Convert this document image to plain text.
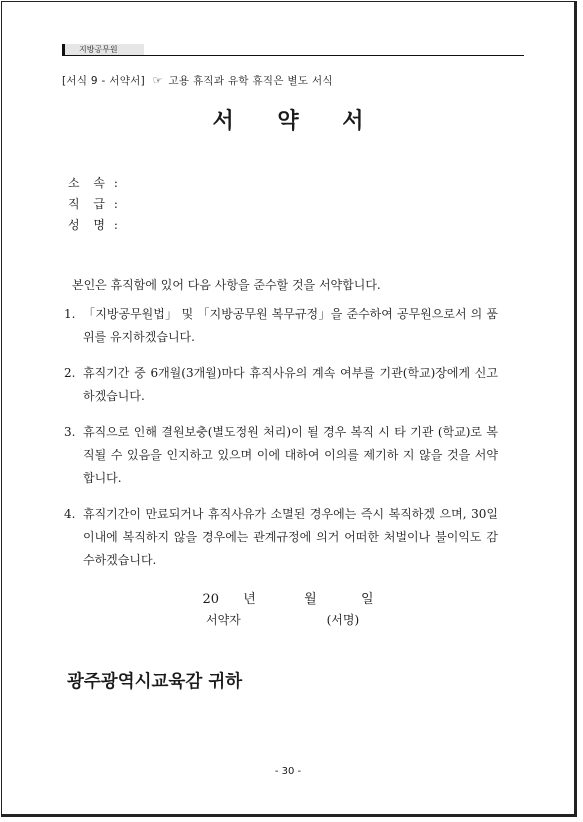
지방공무원
[서식 9 - 서약서] ☞ 고용 휴직과 유학 휴직은 별도 서식
서 약 서
소 속 :
직 급 :
성 명 :
본인은 휴직함에 있어 다음 사항을 준수할 것을 서약합니다.
1. 「지방공무원법」 및 「지방공무원 복무규정」을 준수하여 공무원으로서 의 품위를 유지하겠습니다.
2. 휴직기간 중 6개월(3개월)마다 휴직사유의 계속 여부를 기관(학교)장에게 신고하겠습니다.
3. 휴직으로 인해 결원보충(별도정원 처리)이 될 경우 복직 시 타 기관 (학교)로 복직될 수 있음을 인지하고 있으며 이에 대하여 이의를 제기하 지 않을 것을 서약합니다.
4. 휴직기간이 만료되거나 휴직사유가 소멸된 경우에는 즉시 복직하겠 으며, 30일 이내에 복직하지 않을 경우에는 관계규정에 의거 어떠한 처벌이나 불이익도 감수하겠습니다.
20 년	월	일
서약자	(서명)
광주광역시교육감 귀하
- 30 -
